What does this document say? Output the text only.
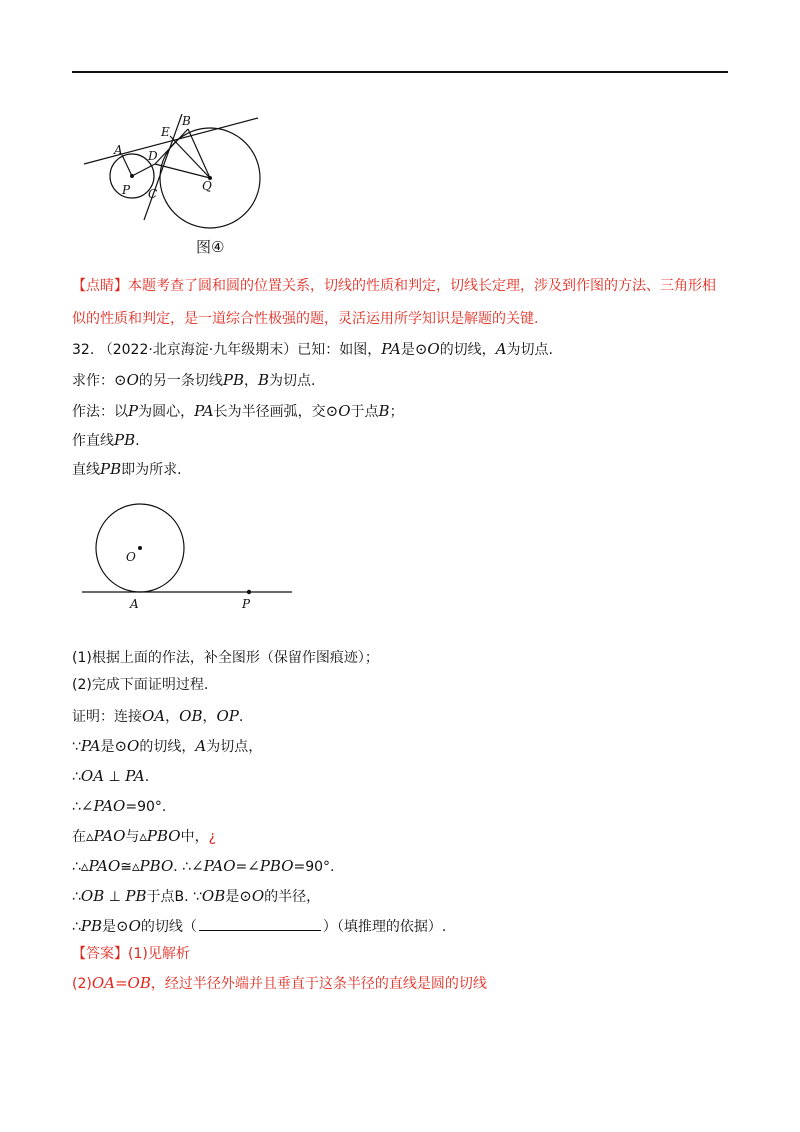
A
B
E
D
P C
Q
图④
【点睛】本题考查了圆和圆的位置关系，切线的性质和判定，切线长定理，涉及到作图的方法、三角形相
似的性质和判定，是一道综合性极强的题，灵活运用所学知识是解题的关键.
32. （2022·北京海淀·九年级期末）已知：如图，PA是⊙O的切线，A为切点.
求作：⊙O的另一条切线PB，B为切点.
作法：以P为圆心，PA长为半径画弧，交⊙O于点B；
作直线PB.
直线PB即为所求.
O
A	P
(1)根据上面的作法，补全图形（保留作图痕迹）；
(2)完成下面证明过程.
证明：连接OA，OB，OP.
∵PA是⊙O的切线，A为切点，
∴OA ⊥ PA.
∴∠PAO=90°.
在▵PAO与▵PBO中，¿
∴▵PAO≅▵PBO. ∴∠PAO=∠PBO=90°.
∴OB ⊥ PB于点B. ∵OB是⊙O的半径，
∴PB是⊙O的切线（	）（填推理的依据）.
【答案】(1)见解析
(2)OA=OB，经过半径外端并且垂直于这条半径的直线是圆的切线
